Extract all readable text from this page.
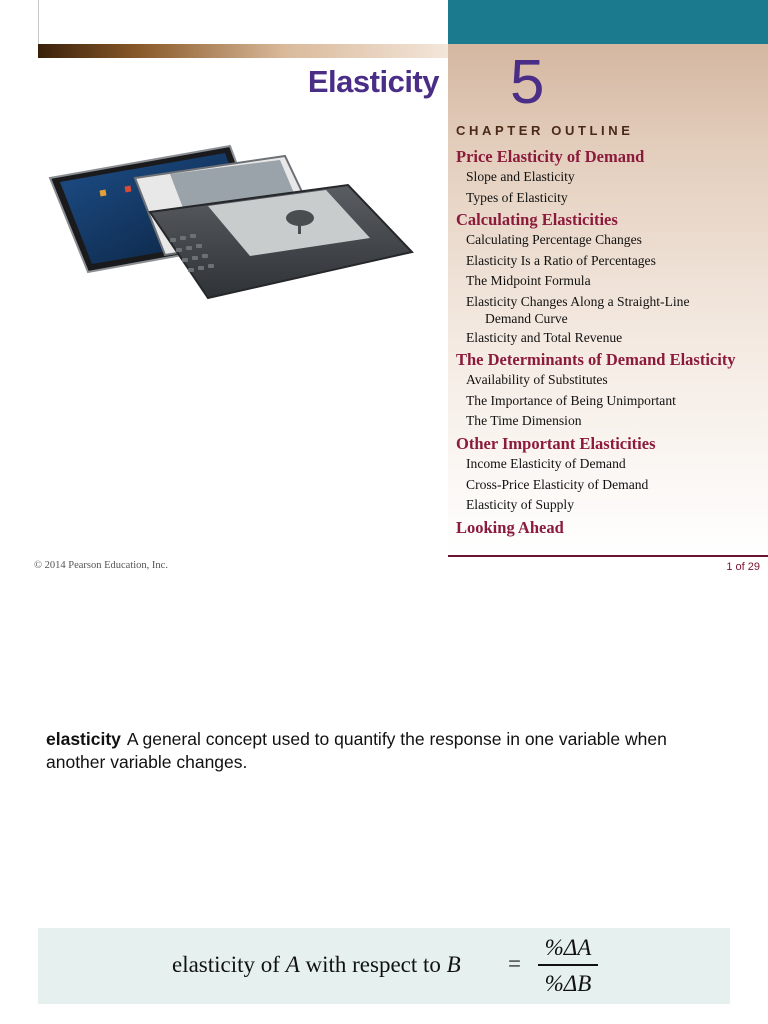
Elasticity 5
CHAPTER OUTLINE
Price Elasticity of Demand
Slope and Elasticity
Types of Elasticity
Calculating Elasticities
Calculating Percentage Changes
Elasticity Is a Ratio of Percentages
The Midpoint Formula
Elasticity Changes Along a Straight-Line
Demand Curve
Elasticity and Total Revenue
The Determinants of Demand Elasticity
Availability of Substitutes
The Importance of Being Unimportant
The Time Dimension
Other Important Elasticities
Income Elasticity of Demand
Cross-Price Elasticity of Demand
Elasticity of Supply
Looking Ahead
© 2014 Pearson Education, Inc.	1 of 29

elasticity A general concept used to quantify the response in one variable when another variable changes.

elasticity of A with respect to B =
%ΔA
%ΔB
